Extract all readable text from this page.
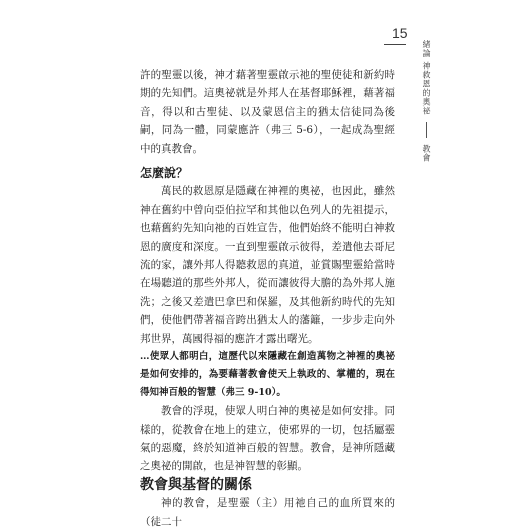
15
緒論 神救恩的奧祕  教會

許的聖靈以後，神才藉著聖靈啟示祂的聖使徒和新約時期的先知們。這奧祕就是外邦人在基督耶穌裡，藉著福音，得以和古聖徒、以及蒙恩信主的猶太信徒同為後嗣，同為一體，同蒙應許（弗三 5-6），一起成為聖經中的真教會。

怎麼說？

萬民的救恩原是隱藏在神裡的奧祕，也因此，雖然神在舊約中曾向亞伯拉罕和其他以色列人的先祖提示，也藉舊約先知向祂的百姓宣告，他們始終不能明白神救恩的廣度和深度。一直到聖靈啟示彼得，差遣他去哥尼流的家，讓外邦人得聽救恩的真道，並賞賜聖靈給當時在場聽道的那些外邦人，從而讓彼得大膽的為外邦人施洗；之後又差遣巴拿巴和保羅，及其他新約時代的先知們，使他們帶著福音跨出猶太人的藩籬，一步步走向外邦世界，萬國得福的應許才露出曙光。

…使眾人都明白，這歷代以來隱藏在創造萬物之神裡的奧祕是如何安排的，為要藉著教會使天上執政的、掌權的，現在得知神百般的智慧（弗三 9-10）。

教會的浮現，使眾人明白神的奧祕是如何安排。同樣的，從教會在地上的建立，使邪界的一切，包括屬靈氣的惡魔，終於知道神百般的智慧。教會，是神所隱藏之奧祕的開啟，也是神智慧的彰顯。

教會與基督的關係

神的教會，是聖靈（主）用祂自己的血所買來的（徒二十
